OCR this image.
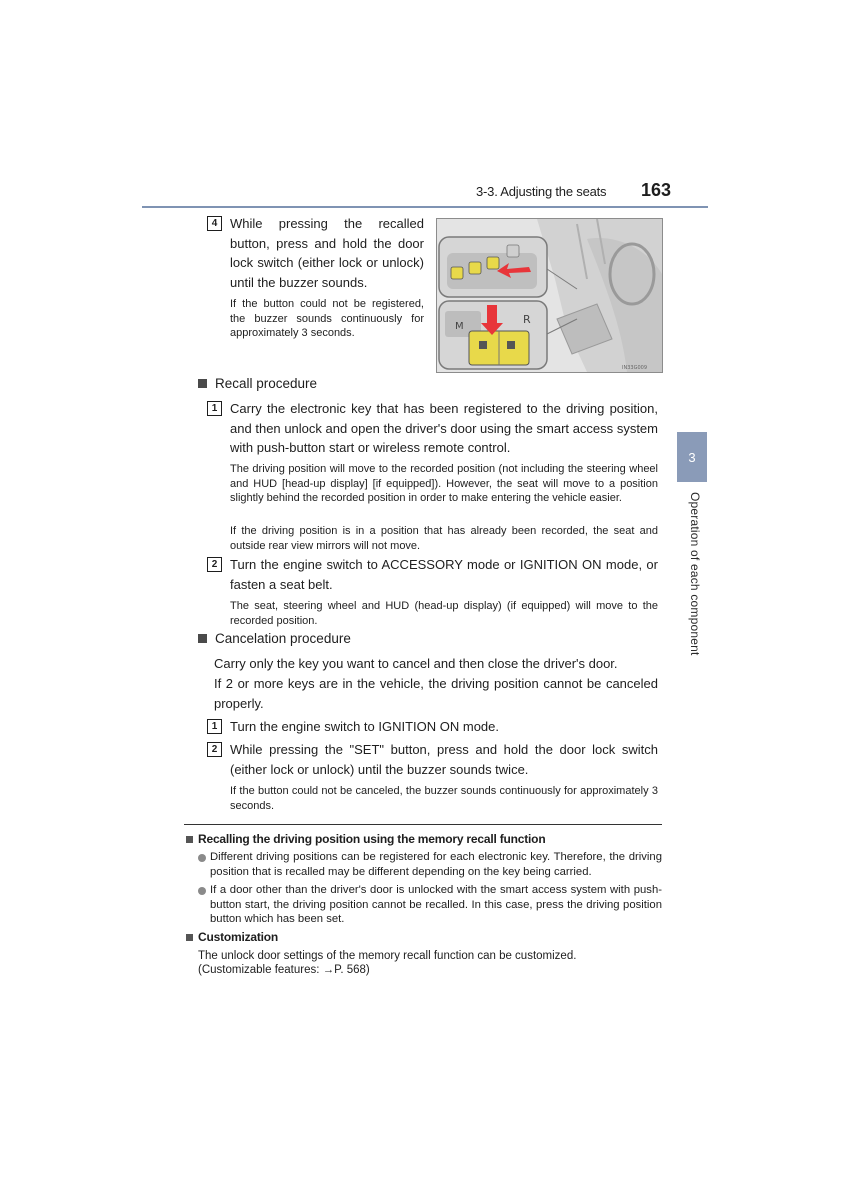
3-3. Adjusting the seats 163
3
Operation of each component
4 While pressing the recalled button, press and hold the door lock switch (either lock or unlock) until the buzzer sounds.
If the button could not be registered, the buzzer sounds continuously for approximately 3 seconds.
M
R
IN33G009
Recall procedure
1 Carry the electronic key that has been registered to the driving position, and then unlock and open the driver's door using the smart access system with push-button start or wireless remote control.
The driving position will move to the recorded position (not including the steering wheel and HUD [head-up display] [if equipped]). However, the seat will move to a position slightly behind the recorded position in order to make entering the vehicle easier.
If the driving position is in a position that has already been recorded, the seat and outside rear view mirrors will not move.
2 Turn the engine switch to ACCESSORY mode or IGNITION ON mode, or fasten a seat belt.
The seat, steering wheel and HUD (head-up display) (if equipped) will move to the recorded position.
Cancelation procedure
Carry only the key you want to cancel and then close the driver's door.
If 2 or more keys are in the vehicle, the driving position cannot be canceled properly.
1 Turn the engine switch to IGNITION ON mode.
2 While pressing the "SET" button, press and hold the door lock switch (either lock or unlock) until the buzzer sounds twice.
If the button could not be canceled, the buzzer sounds continuously for approximately 3 seconds.
Recalling the driving position using the memory recall function
Different driving positions can be registered for each electronic key. Therefore, the driving position that is recalled may be different depending on the key being carried.
If a door other than the driver's door is unlocked with the smart access system with push-button start, the driving position cannot be recalled. In this case, press the driving position button which has been set.
Customization
The unlock door settings of the memory recall function can be customized.
(Customizable features: →P. 568)
